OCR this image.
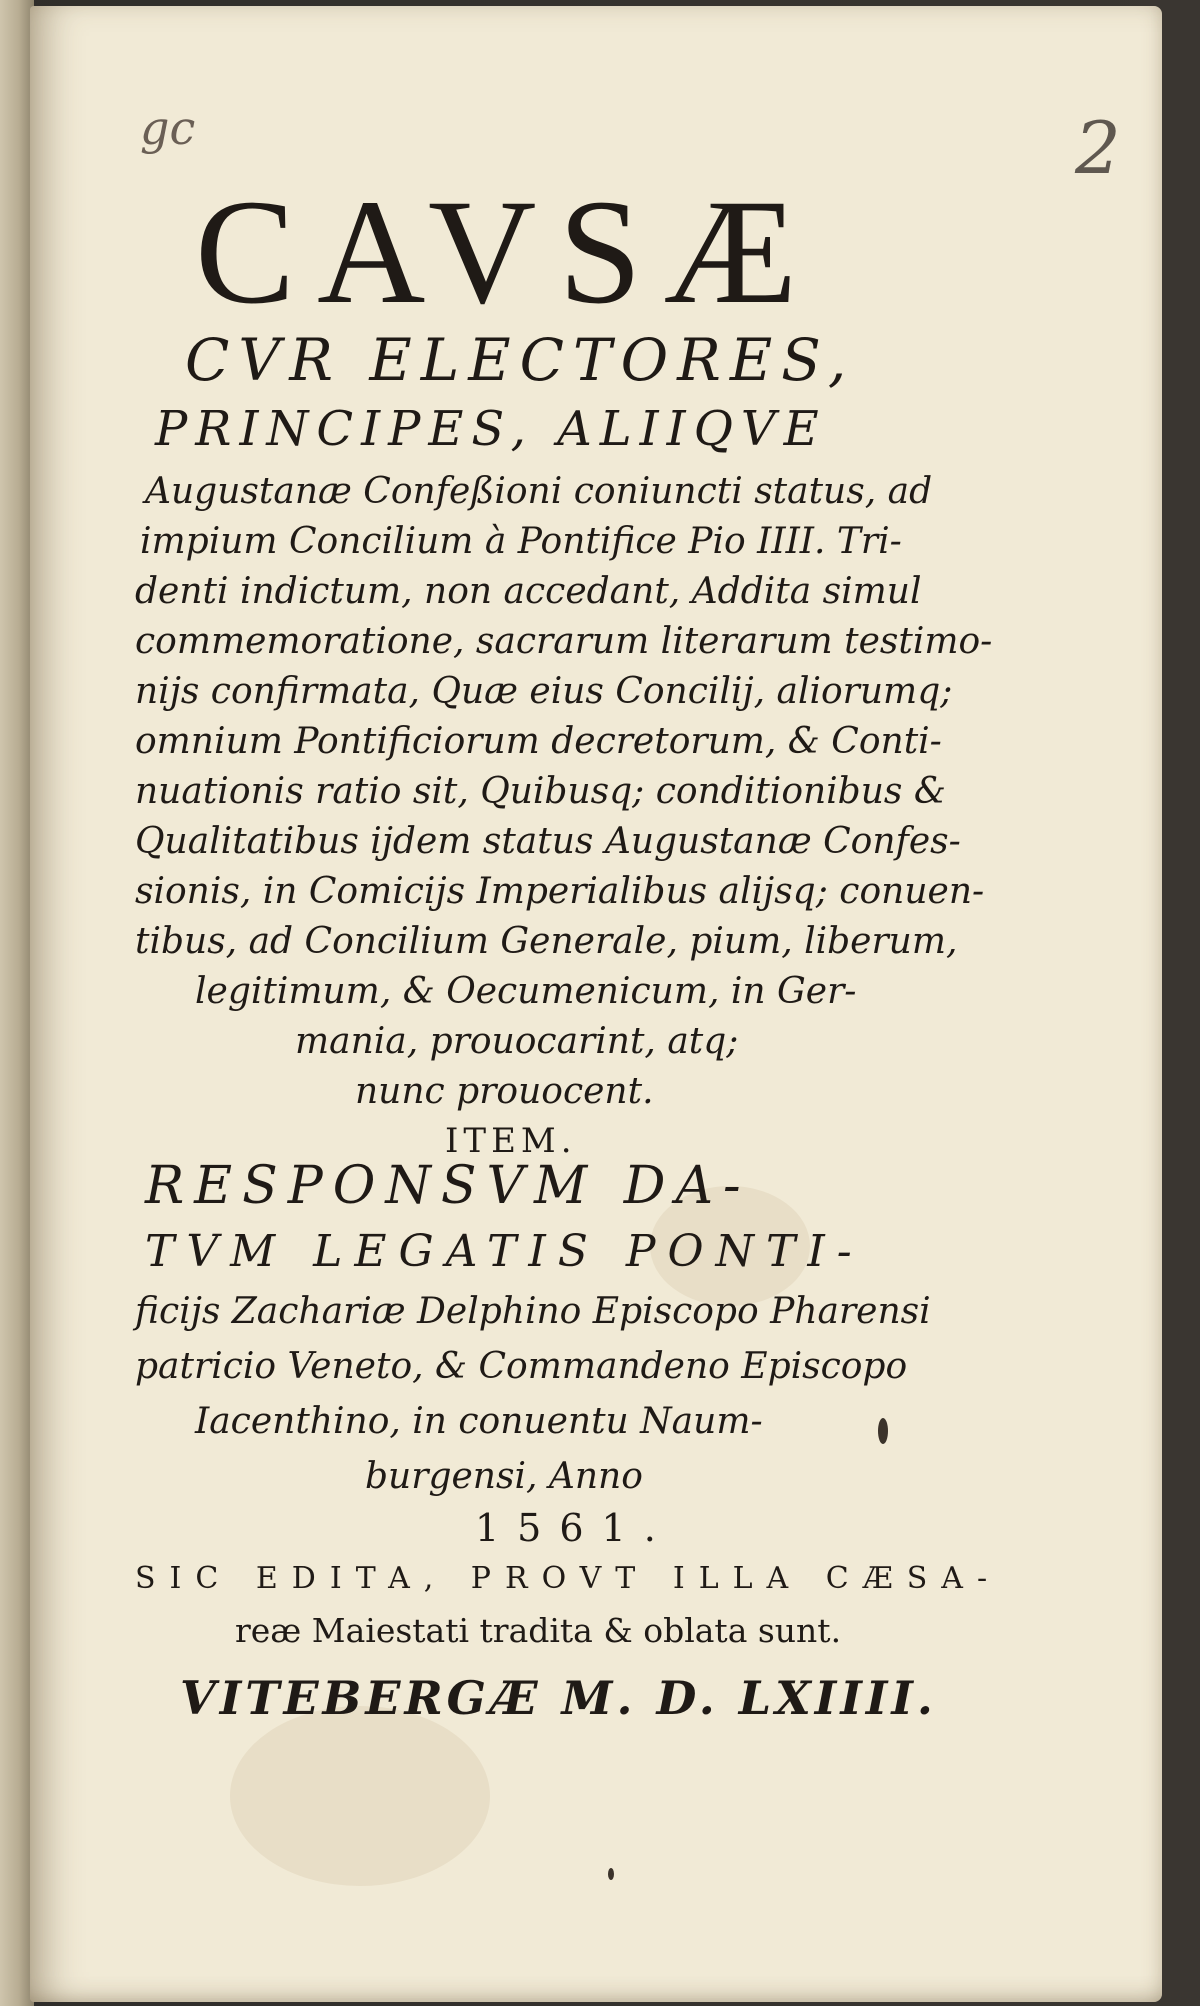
gc	2
CAVSÆ
CVR ELECTORES,
PRINCIPES, ALIIQVE
Augustanæ Confeßioni coniuncti status, ad
impium Concilium à Pontifice Pio IIII. Tri-
denti indictum, non accedant, Addita simul
commemoratione, sacrarum literarum testimo-
nijs confirmata, Quæ eius Concilij, aliorumq;
omnium Pontificiorum decretorum, & Conti-
nuationis ratio sit, Quibusq; conditionibus &
Qualitatibus ijdem status Augustanæ Confes-
sionis, in Comicijs Imperialibus alijsq; conuen-
tibus, ad Concilium Generale, pium, liberum,
legitimum, & Oecumenicum, in Ger-
mania, prouocarint, atq;
nunc prouocent.
ITEM.
RESPONSVM DA-
TVM LEGATIS PONTI-
ficijs Zachariæ Delphino Episcopo Pharensi
patricio Veneto, & Commandeno Episcopo
Iacenthino, in conuentu Naum-
burgensi, Anno
1561.
SIC EDITA, PROVT ILLA CÆSA-
reæ Maiestati tradita & oblata sunt.
VITEBERGÆ M. D. LXIIII.
